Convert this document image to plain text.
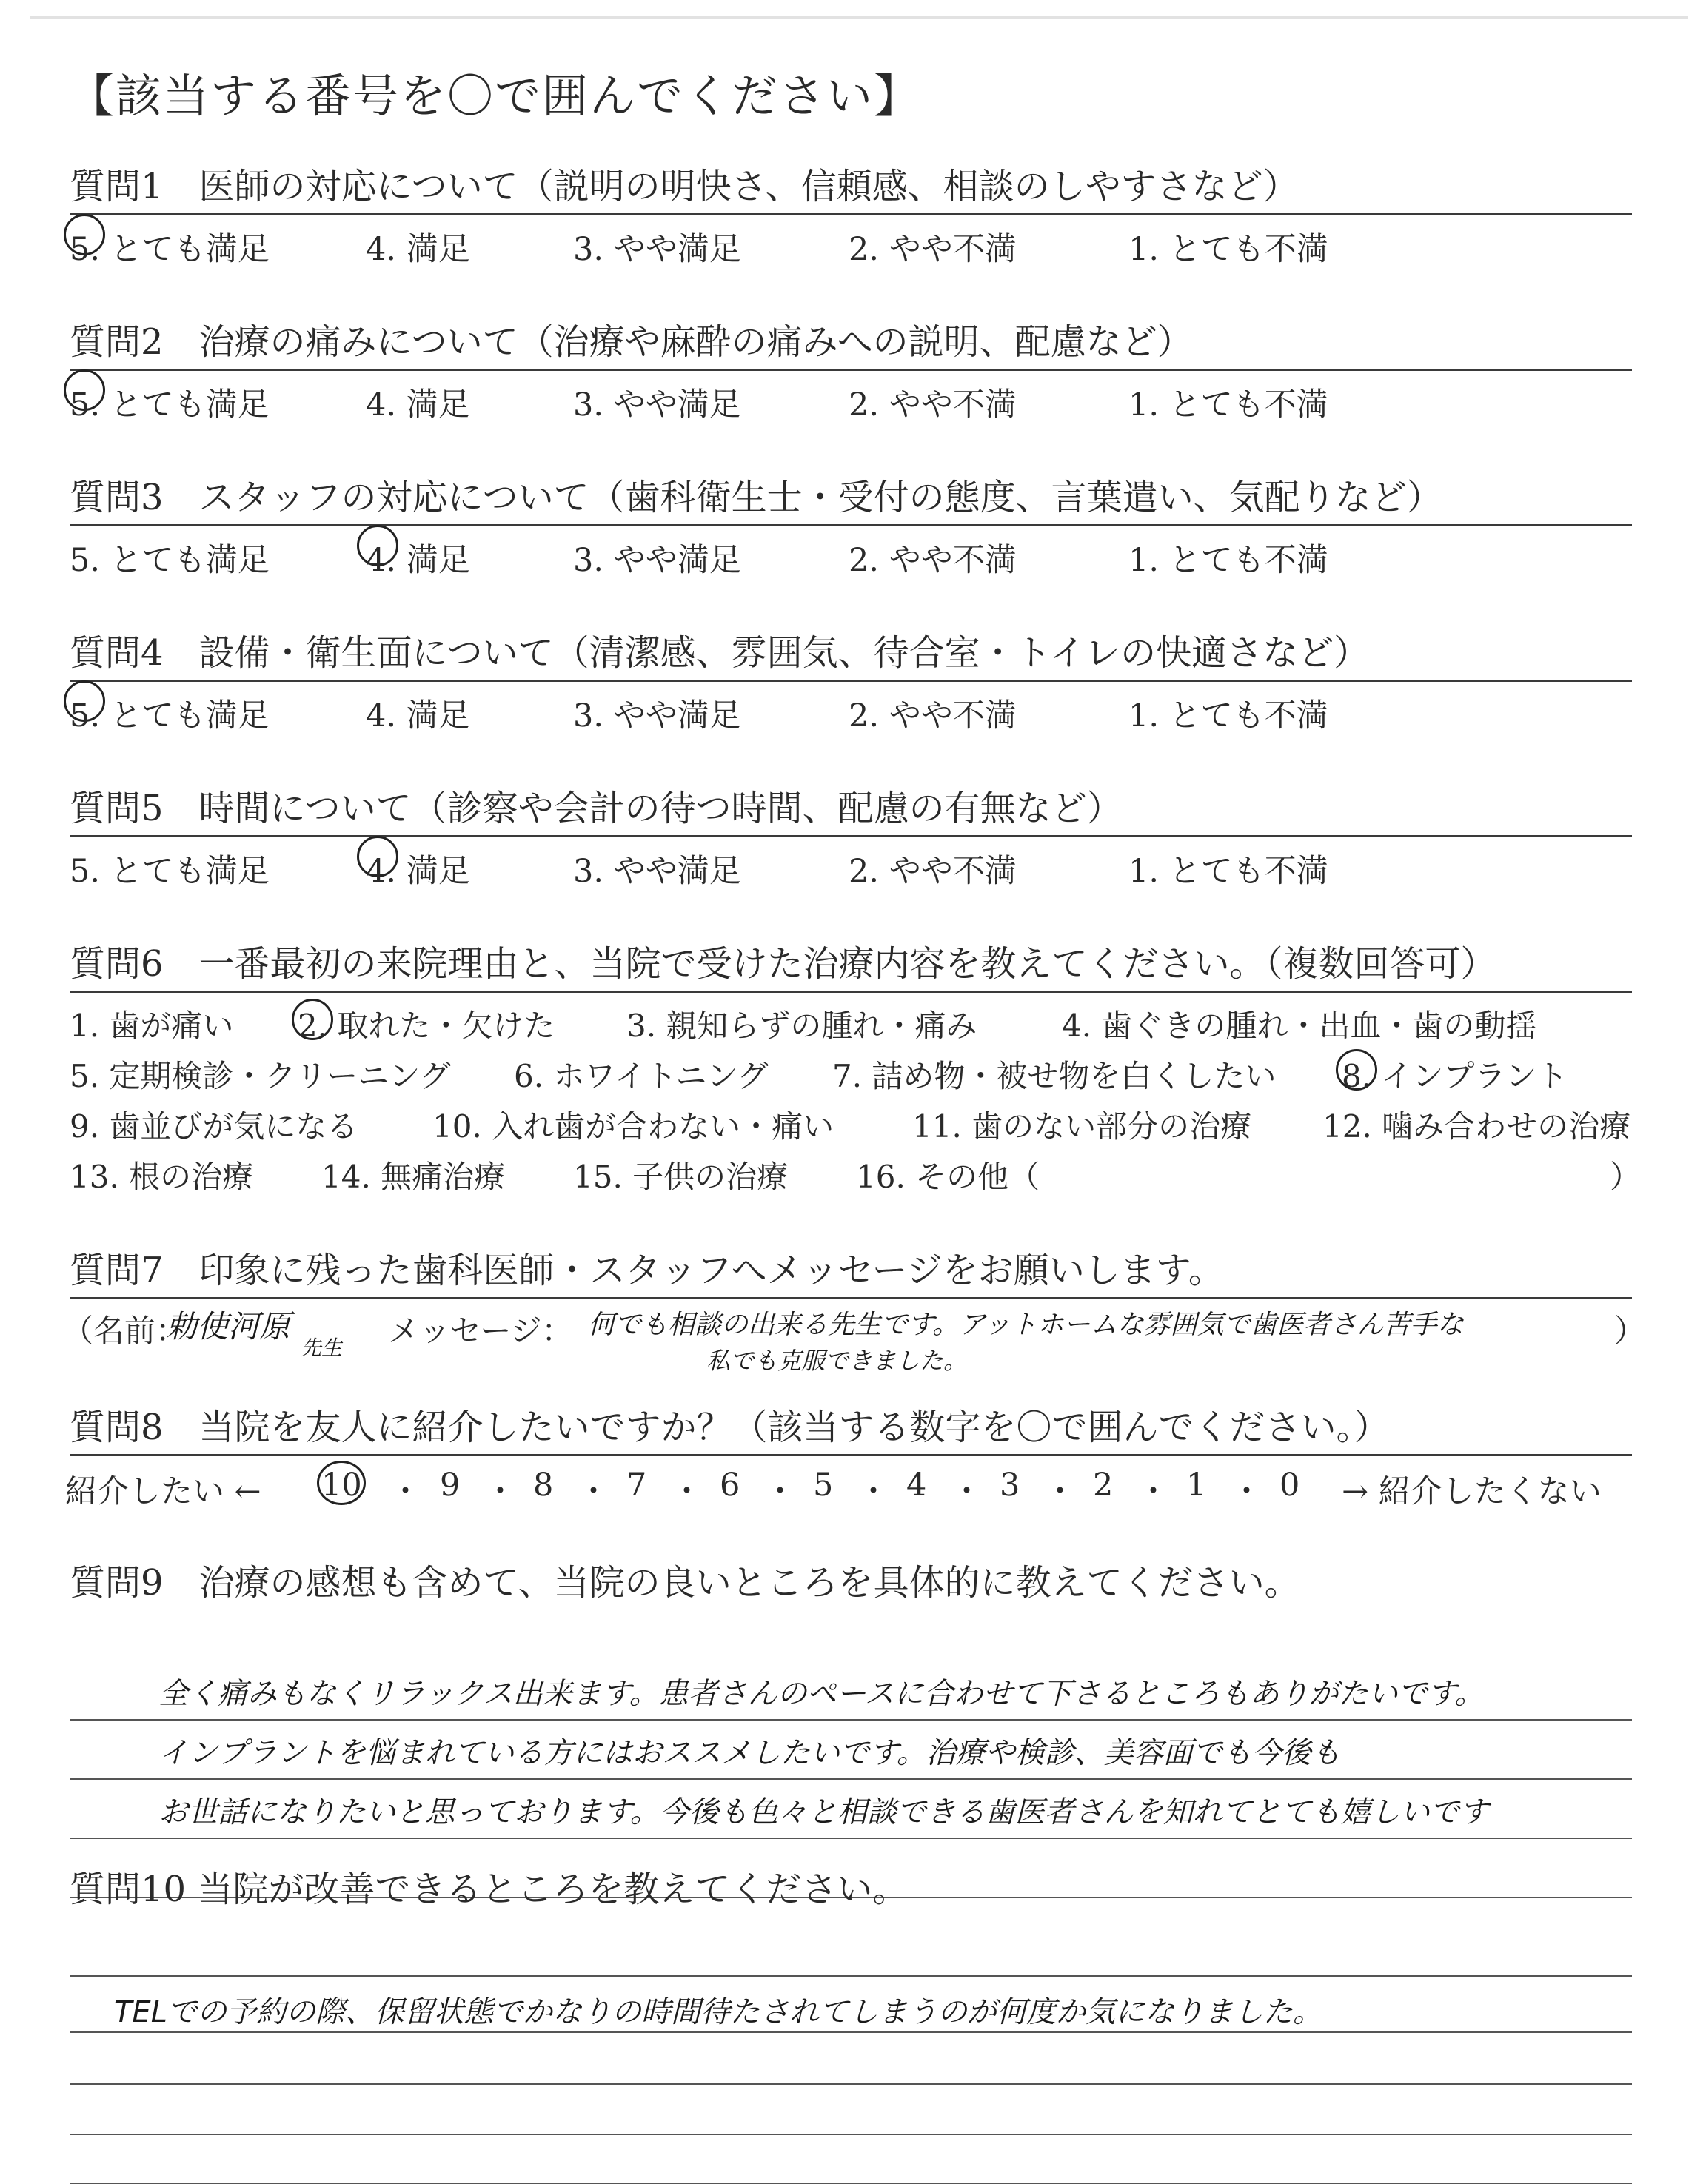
【該当する番号を〇で囲んでください】
質問1　医師の対応について（説明の明快さ、信頼感、相談のしやすさなど）
5. とても満足	4. 満足	3. やや満足	2. やや不満	1. とても不満
質問2　治療の痛みについて（治療や麻酔の痛みへの説明、配慮など）
5. とても満足	4. 満足	3. やや満足	2. やや不満	1. とても不満
質問3　スタッフの対応について（歯科衛生士・受付の態度、言葉遣い、気配りなど）
5. とても満足	4. 満足	3. やや満足	2. やや不満	1. とても不満
質問4　設備・衛生面について（清潔感、雰囲気、待合室・トイレの快適さなど）
5. とても満足	4. 満足	3. やや満足	2. やや不満	1. とても不満
質問5　時間について（診察や会計の待つ時間、配慮の有無など）
5. とても満足	4. 満足	3. やや満足	2. やや不満	1. とても不満
質問6　一番最初の来院理由と、当院で受けた治療内容を教えてください。（複数回答可）
1. 歯が痛い 2. 取れた・欠けた 3. 親知らずの腫れ・痛み	4. 歯ぐきの腫れ・出血・歯の動揺
5. 定期検診・クリーニング 6. ホワイトニング 7. 詰め物・被せ物を白くしたい 8. インプラント
9. 歯並びが気になる 10. 入れ歯が合わない・痛い	11. 歯のない部分の治療 12. 噛み合わせの治療
13. 根の治療 14. 無痛治療 15. 子供の治療 16. その他（	）
質問7　印象に残った歯科医師・スタッフへメッセージをお願いします。
（名前：
勅使河原
先生 メッセージ： 何でも相談の出来る先生です。アットホームな雰囲気で歯医者さん苦手な
私でも克服できました。
）
質問8　当院を友人に紹介したいですか？（該当する数字を〇で囲んでください。）
紹介したい ← 10 ・ 9 ・ 8 ・ 7 ・ 6 ・ 5 ・ 4 ・ 3 ・ 2 ・ 1 ・ 0 → 紹介したくない
質問9　治療の感想も含めて、当院の良いところを具体的に教えてください。
全く痛みもなくリラックス出来ます。患者さんのペースに合わせて下さるところもありがたいです。
インプラントを悩まれている方にはおススメしたいです。治療や検診、美容面でも今後も
お世話になりたいと思っております。今後も色々と相談できる歯医者さんを知れてとても嬉しいです
質問10 当院が改善できるところを教えてください。
TELでの予約の際、保留状態でかなりの時間待たされてしまうのが何度か気になりました。
